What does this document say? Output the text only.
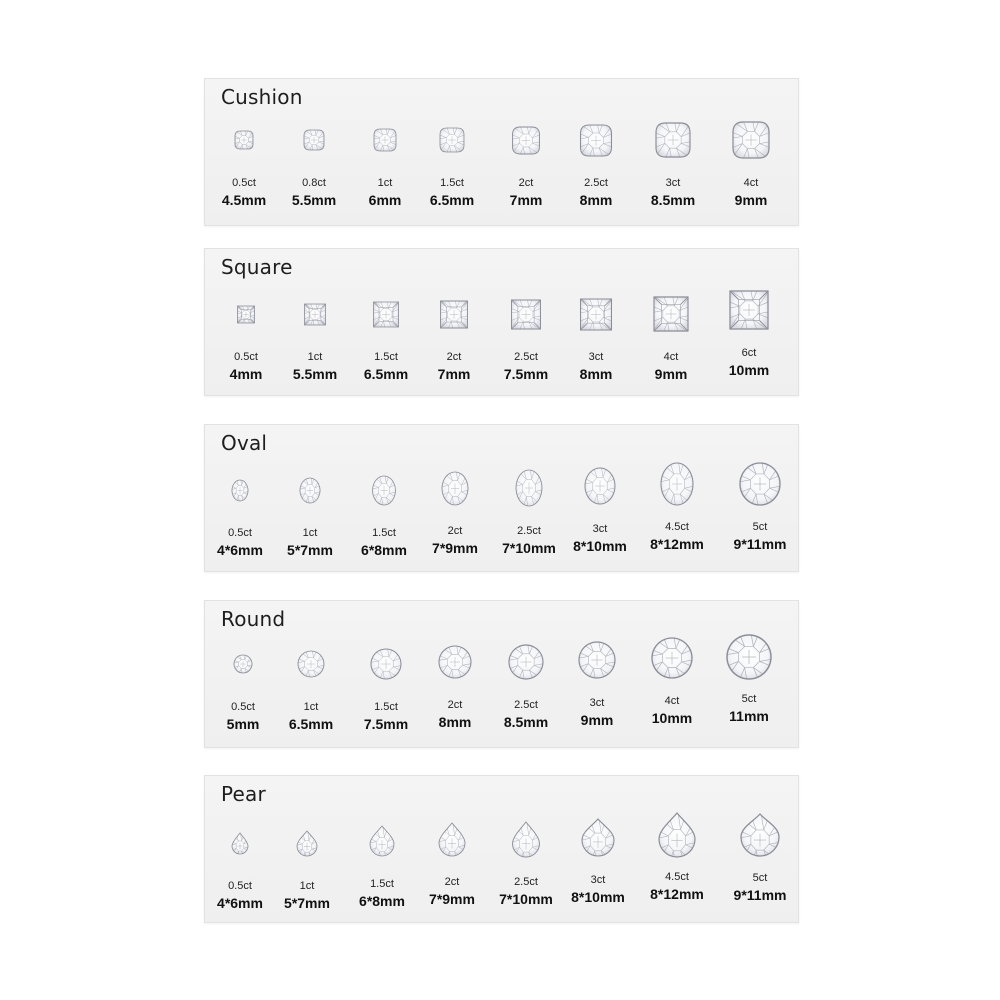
Cushion
0.5ct
4.5mm
0.8ct
5.5mm
1ct
6mm
1.5ct
6.5mm
2ct
7mm
2.5ct
8mm
3ct
8.5mm
4ct
9mm
Square
0.5ct
4mm
1ct
5.5mm
1.5ct
6.5mm
2ct
7mm
2.5ct
7.5mm
3ct
8mm
4ct
9mm
6ct
10mm
Oval
0.5ct
4*6mm
1ct
5*7mm
1.5ct
6*8mm
2ct
7*9mm
2.5ct
7*10mm
3ct
8*10mm
4.5ct
8*12mm
5ct
9*11mm
Round
0.5ct
5mm
1ct
6.5mm
1.5ct
7.5mm
2ct
8mm
2.5ct
8.5mm
3ct
9mm
4ct
10mm
5ct
11mm
Pear
0.5ct
4*6mm
1ct
5*7mm
1.5ct
6*8mm
2ct
7*9mm
2.5ct
7*10mm
3ct
8*10mm
4.5ct
8*12mm
5ct
9*11mm
